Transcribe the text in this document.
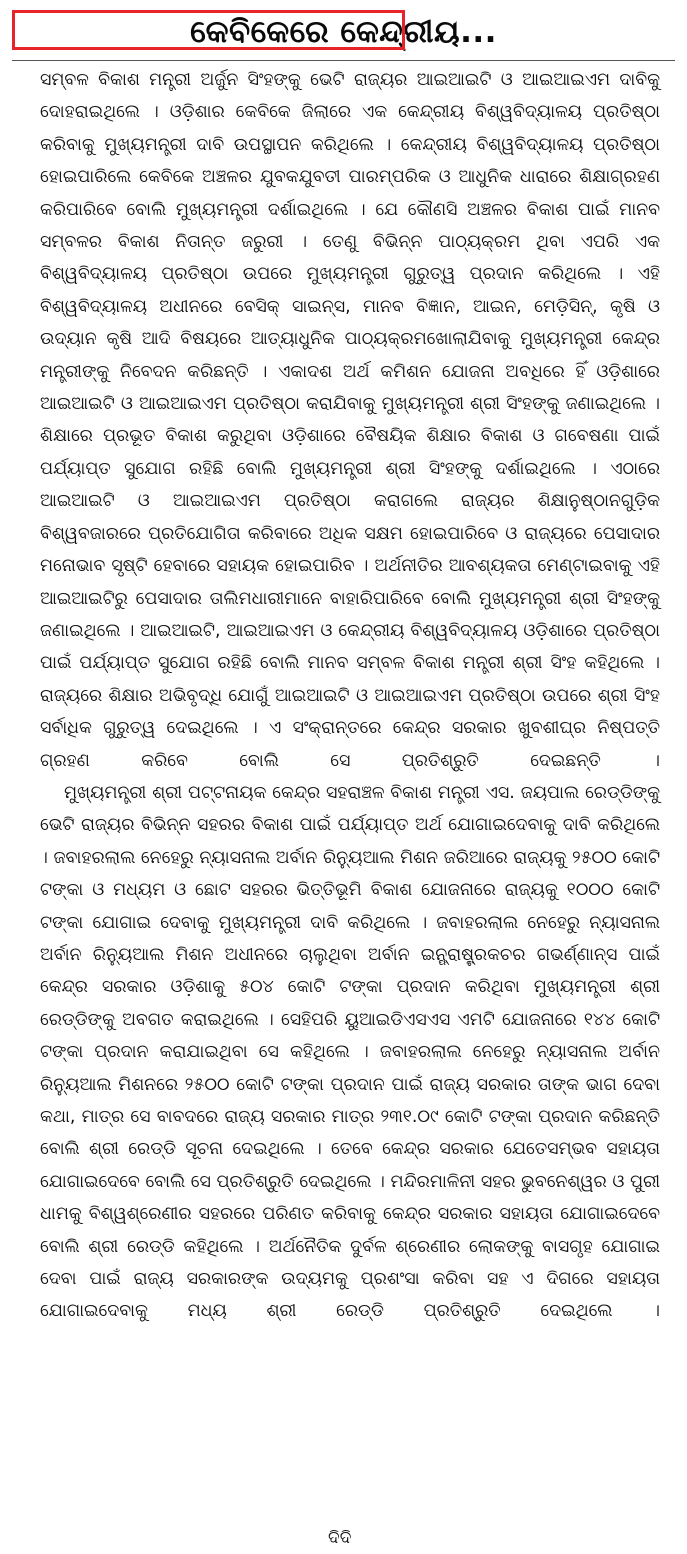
କେବିକେରେ କେନ୍ଦ୍ରୀୟ...

ସମ୍ବଳ ବିକାଶ ମନ୍ତ୍ରୀ ଅର୍ଜୁନ ସିଂହଙ୍କୁ ଭେଟି ରାଜ୍ୟର ଆଇଆଇଟି ଓ ଆଇଆଇଏମ ଦାବିକୁ ଦୋହରାଇଥିଲେ । ଓଡ଼ିଶାର କେବିକେ ଜିଲାରେ ଏକ କେନ୍ଦ୍ରୀୟ ବିଶ୍ୱବିଦ୍ୟାଳୟ ପ୍ରତିଷ୍ଠା କରିବାକୁ ମୁଖ୍ୟମନ୍ତ୍ରୀ ଦାବି ଉପସ୍ଥାପନ କରିଥିଲେ । କେନ୍ଦ୍ରୀୟ ବିଶ୍ୱବିଦ୍ୟାଳୟ ପ୍ରତିଷ୍ଠା ହୋଇପାରିଲେ କେବିକେ ଅଞ୍ଚଳର ଯୁବକଯୁବତୀ ପାରମ୍ପରିକ ଓ ଆଧୁନିକ ଧାରାରେ ଶିକ୍ଷାଗ୍ରହଣ କରିପାରିବେ ବୋଲି ମୁଖ୍ୟମନ୍ତ୍ରୀ ଦର୍ଶାଇଥିଲେ । ଯେ କୌଣସି ଅଞ୍ଚଳର ବିକାଶ ପାଇଁ ମାନବ ସମ୍ବଳର ବିକାଶ ନିତାନ୍ତ ଜରୁରୀ । ତେଣୁ ବିଭିନ୍ନ ପାଠ୍ୟକ୍ରମ ଥିବା ଏପରି ଏକ ବିଶ୍ୱବିଦ୍ୟାଳୟ ପ୍ରତିଷ୍ଠା ଉପରେ ମୁଖ୍ୟମନ୍ତ୍ରୀ ଗୁରୁତ୍ୱ ପ୍ରଦାନ କରିଥିଲେ । ଏହି ବିଶ୍ୱବିଦ୍ୟାଳୟ ଅଧୀନରେ ବେସିକ୍ ସାଇନ୍ସ, ମାନବ ବିଜ୍ଞାନ, ଆଇନ, ମେଡ଼ିସିନ୍, କୃଷି ଓ ଉଦ୍ୟାନ କୃଷି ଆଦି ବିଷୟରେ ଆତ୍ୟାଧୁନିକ ପାଠ୍ୟକ୍ରମଖୋଲାଯିବାକୁ ମୁଖ୍ୟମନ୍ତ୍ରୀ କେନ୍ଦ୍ର ମନ୍ତ୍ରୀଙ୍କୁ ନିବେଦନ କରିଛନ୍ତି । ଏକାଦଶ ଅର୍ଥ କମିଶନ ଯୋଜନା ଅବଧିରେ ହିଁ ଓଡ଼ିଶାରେ ଆଇଆଇଟି ଓ ଆଇଆଇଏମ ପ୍ରତିଷ୍ଠା କରାଯିବାକୁ ମୁଖ୍ୟମନ୍ତ୍ରୀ ଶ୍ରୀ ସିଂହଙ୍କୁ ଜଣାଇଥିଲେ । ଶିକ୍ଷାରେ ପ୍ରଭୂତ ବିକାଶ କରୁଥିବା ଓଡ଼ିଶାରେ ବୈଷୟିକ ଶିକ୍ଷାର ବିକାଶ ଓ ଗବେଷଣା ପାଇଁ ପର୍ଯ୍ୟାପ୍ତ ସୁଯୋଗ ରହିଛି ବୋଲି ମୁଖ୍ୟମନ୍ତ୍ରୀ ଶ୍ରୀ ସିଂହଙ୍କୁ ଦର୍ଶାଇଥିଲେ । ଏଠାରେ ଆଇଆଇଟି ଓ ଆଇଆଇଏମ ପ୍ରତିଷ୍ଠା କରାଗଲେ ରାଜ୍ୟର ଶିକ୍ଷାନୁଷ୍ଠାନଗୁଡ଼ିକ ବିଶ୍ୱବଜାରରେ ପ୍ରତିଯୋଗିତା କରିବାରେ ଅଧିକ ସକ୍ଷମ ହୋଇପାରିବେ ଓ ରାଜ୍ୟରେ ପେସାଦାର ମନୋଭାବ ସୃଷ୍ଟି ହେବାରେ ସହାୟକ ହୋଇପାରିବ । ଅର୍ଥନୀତିର ଆବଶ୍ୟକତା ମେଣ୍ଟାଇବାକୁ ଏହି ଆଇଆଇଟିରୁ ପେସାଦାର ତାଲିମଧାରୀମାନେ ବାହାରିପାରିବେ ବୋଲି ମୁଖ୍ୟମନ୍ତ୍ରୀ ଶ୍ରୀ ସିଂହଙ୍କୁ ଜଣାଇଥିଲେ । ଆଇଆଇଟି, ଆଇଆଇଏମ ଓ କେନ୍ଦ୍ରୀୟ ବିଶ୍ୱବିଦ୍ୟାଳୟ ଓଡ଼ିଶାରେ ପ୍ରତିଷ୍ଠା ପାଇଁ ପର୍ଯ୍ୟାପ୍ତ ସୁଯୋଗ ରହିଛି ବୋଲି ମାନବ ସମ୍ବଳ ବିକାଶ ମନ୍ତ୍ରୀ ଶ୍ରୀ ସିଂହ କହିଥିଲେ । ରାଜ୍ୟରେ ଶିକ୍ଷାର ଅଭିବୃଦ୍ଧି ଯୋଗୁଁ ଆଇଆଇଟି ଓ ଆଇଆଇଏମ ପ୍ରତିଷ୍ଠା ଉପରେ ଶ୍ରୀ ସିଂହ ସର୍ବାଧିକ ଗୁରୁତ୍ୱ ଦେଇଥିଲେ । ଏ ସଂକ୍ରାନ୍ତରେ କେନ୍ଦ୍ର ସରକାର ଖୁବଶୀଘ୍ର ନିଷ୍ପତ୍ତି ଗ୍ରହଣ କରିବେ ବୋଲି ସେ ପ୍ରତିଶ୍ରୁତି ଦେଇଛନ୍ତି ।

ମୁଖ୍ୟମନ୍ତ୍ରୀ ଶ୍ରୀ ପଟ୍ଟନାୟକ କେନ୍ଦ୍ର ସହରାଞ୍ଚଳ ବିକାଶ ମନ୍ତ୍ରୀ ଏସ. ଜୟପାଲ ରେଡ୍ଡିଙ୍କୁ ଭେଟି ରାଜ୍ୟର ବିଭିନ୍ନ ସହରର ବିକାଶ ପାଇଁ ପର୍ଯ୍ୟାପ୍ତ ଅର୍ଥ ଯୋଗାଇଦେବାକୁ ଦାବି କରିଥିଲେ । ଜବାହରଲାଲ ନେହେରୁ ନ୍ୟାସନାଲ ଅର୍ବାନ ରିନ୍ୟୁଆଲ ମିଶନ ଜରିଆରେ ରାଜ୍ୟକୁ ୨୫୦୦ କୋଟି ଟଙ୍କା ଓ ମଧ୍ୟମ ଓ ଛୋଟ ସହରର ଭିତ୍ତିଭୂମି ବିକାଶ ଯୋଜନାରେ ରାଜ୍ୟକୁ ୧୦୦୦ କୋଟି ଟଙ୍କା ଯୋଗାଇ ଦେବାକୁ ମୁଖ୍ୟମନ୍ତ୍ରୀ ଦାବି କରିଥିଲେ । ଜବାହରଲାଲ ନେହେରୁ ନ୍ୟାସନାଲ ଅର୍ବାନ ରିନ୍ୟୁଆଲ ମିଶନ ଅଧୀନରେ ଚାଲୁଥିବା ଅର୍ବାନ ଇନ୍ଫ୍ରାଷ୍ଟ୍ରକଚର ଗଭର୍ଣ୍ଣାନ୍ସ ପାଇଁ କେନ୍ଦ୍ର ସରକାର ଓଡ଼ିଶାକୁ ୫୦୪ କୋଟି ଟଙ୍କା ପ୍ରଦାନ କରିଥିବା ମୁଖ୍ୟମନ୍ତ୍ରୀ ଶ୍ରୀ ରେଡ୍ଡିଙ୍କୁ ଅବଗତ କରାଇଥିଲେ । ସେହିପରି ୟୁଆଇଡିଏସଏସ ଏମଟି ଯୋଜନାରେ ୧୪୪ କୋଟି ଟଙ୍କା ପ୍ରଦାନ କରାଯାଇଥିବା ସେ କହିଥିଲେ । ଜବାହରଲାଲ ନେହେରୁ ନ୍ୟାସନାଲ ଅର୍ବାନ ରିନ୍ୟୁଆଲ ମିଶନରେ ୨୫୦୦ କୋଟି ଟଙ୍କା ପ୍ରଦାନ ପାଇଁ ରାଜ୍ୟ ସରକାର ତାଙ୍କ ଭାଗ ଦେବା କଥା, ମାତ୍ର ସେ ବାବଦରେ ରାଜ୍ୟ ସରକାର ମାତ୍ର ୨୩୧.୦୯ କୋଟି ଟଙ୍କା ପ୍ରଦାନ କରିଛନ୍ତି ବୋଲି ଶ୍ରୀ ରେଡ୍ଡି ସୂଚନା ଦେଇଥିଲେ । ତେବେ କେନ୍ଦ୍ର ସରକାର ଯେତେସମ୍ଭବ ସହାୟତା ଯୋଗାଇଦେବେ ବୋଲି ସେ ପ୍ରତିଶ୍ରୁତି ଦେଇଥିଲେ । ମନ୍ଦିରମାଳିନୀ ସହର ଭୁବନେଶ୍ୱର ଓ ପୁରୀ ଧାମକୁ ବିଶ୍ୱଶ୍ରେଣୀର ସହରରେ ପରିଣତ କରିବାକୁ କେନ୍ଦ୍ର ସରକାର ସହାୟତା ଯୋଗାଇଦେବେ ବୋଲି ଶ୍ରୀ ରେଡ୍ଡି କହିଥିଲେ । ଅର୍ଥନୈତିକ ଦୁର୍ବଳ ଶ୍ରେଣୀର ଲୋକଙ୍କୁ ବାସଗୃହ ଯୋଗାଇ ଦେବା ପାଇଁ ରାଜ୍ୟ ସରକାରଙ୍କ ଉଦ୍ୟମକୁ ପ୍ରଶଂସା କରିବା ସହ ଏ ଦିଗରେ ସହାୟତା ଯୋଗାଇଦେବାକୁ ମଧ୍ୟ ଶ୍ରୀ ରେଡ୍ଡି ପ୍ରତିଶ୍ରୁତି ଦେଇଥିଲେ ।

ଦିଦି
